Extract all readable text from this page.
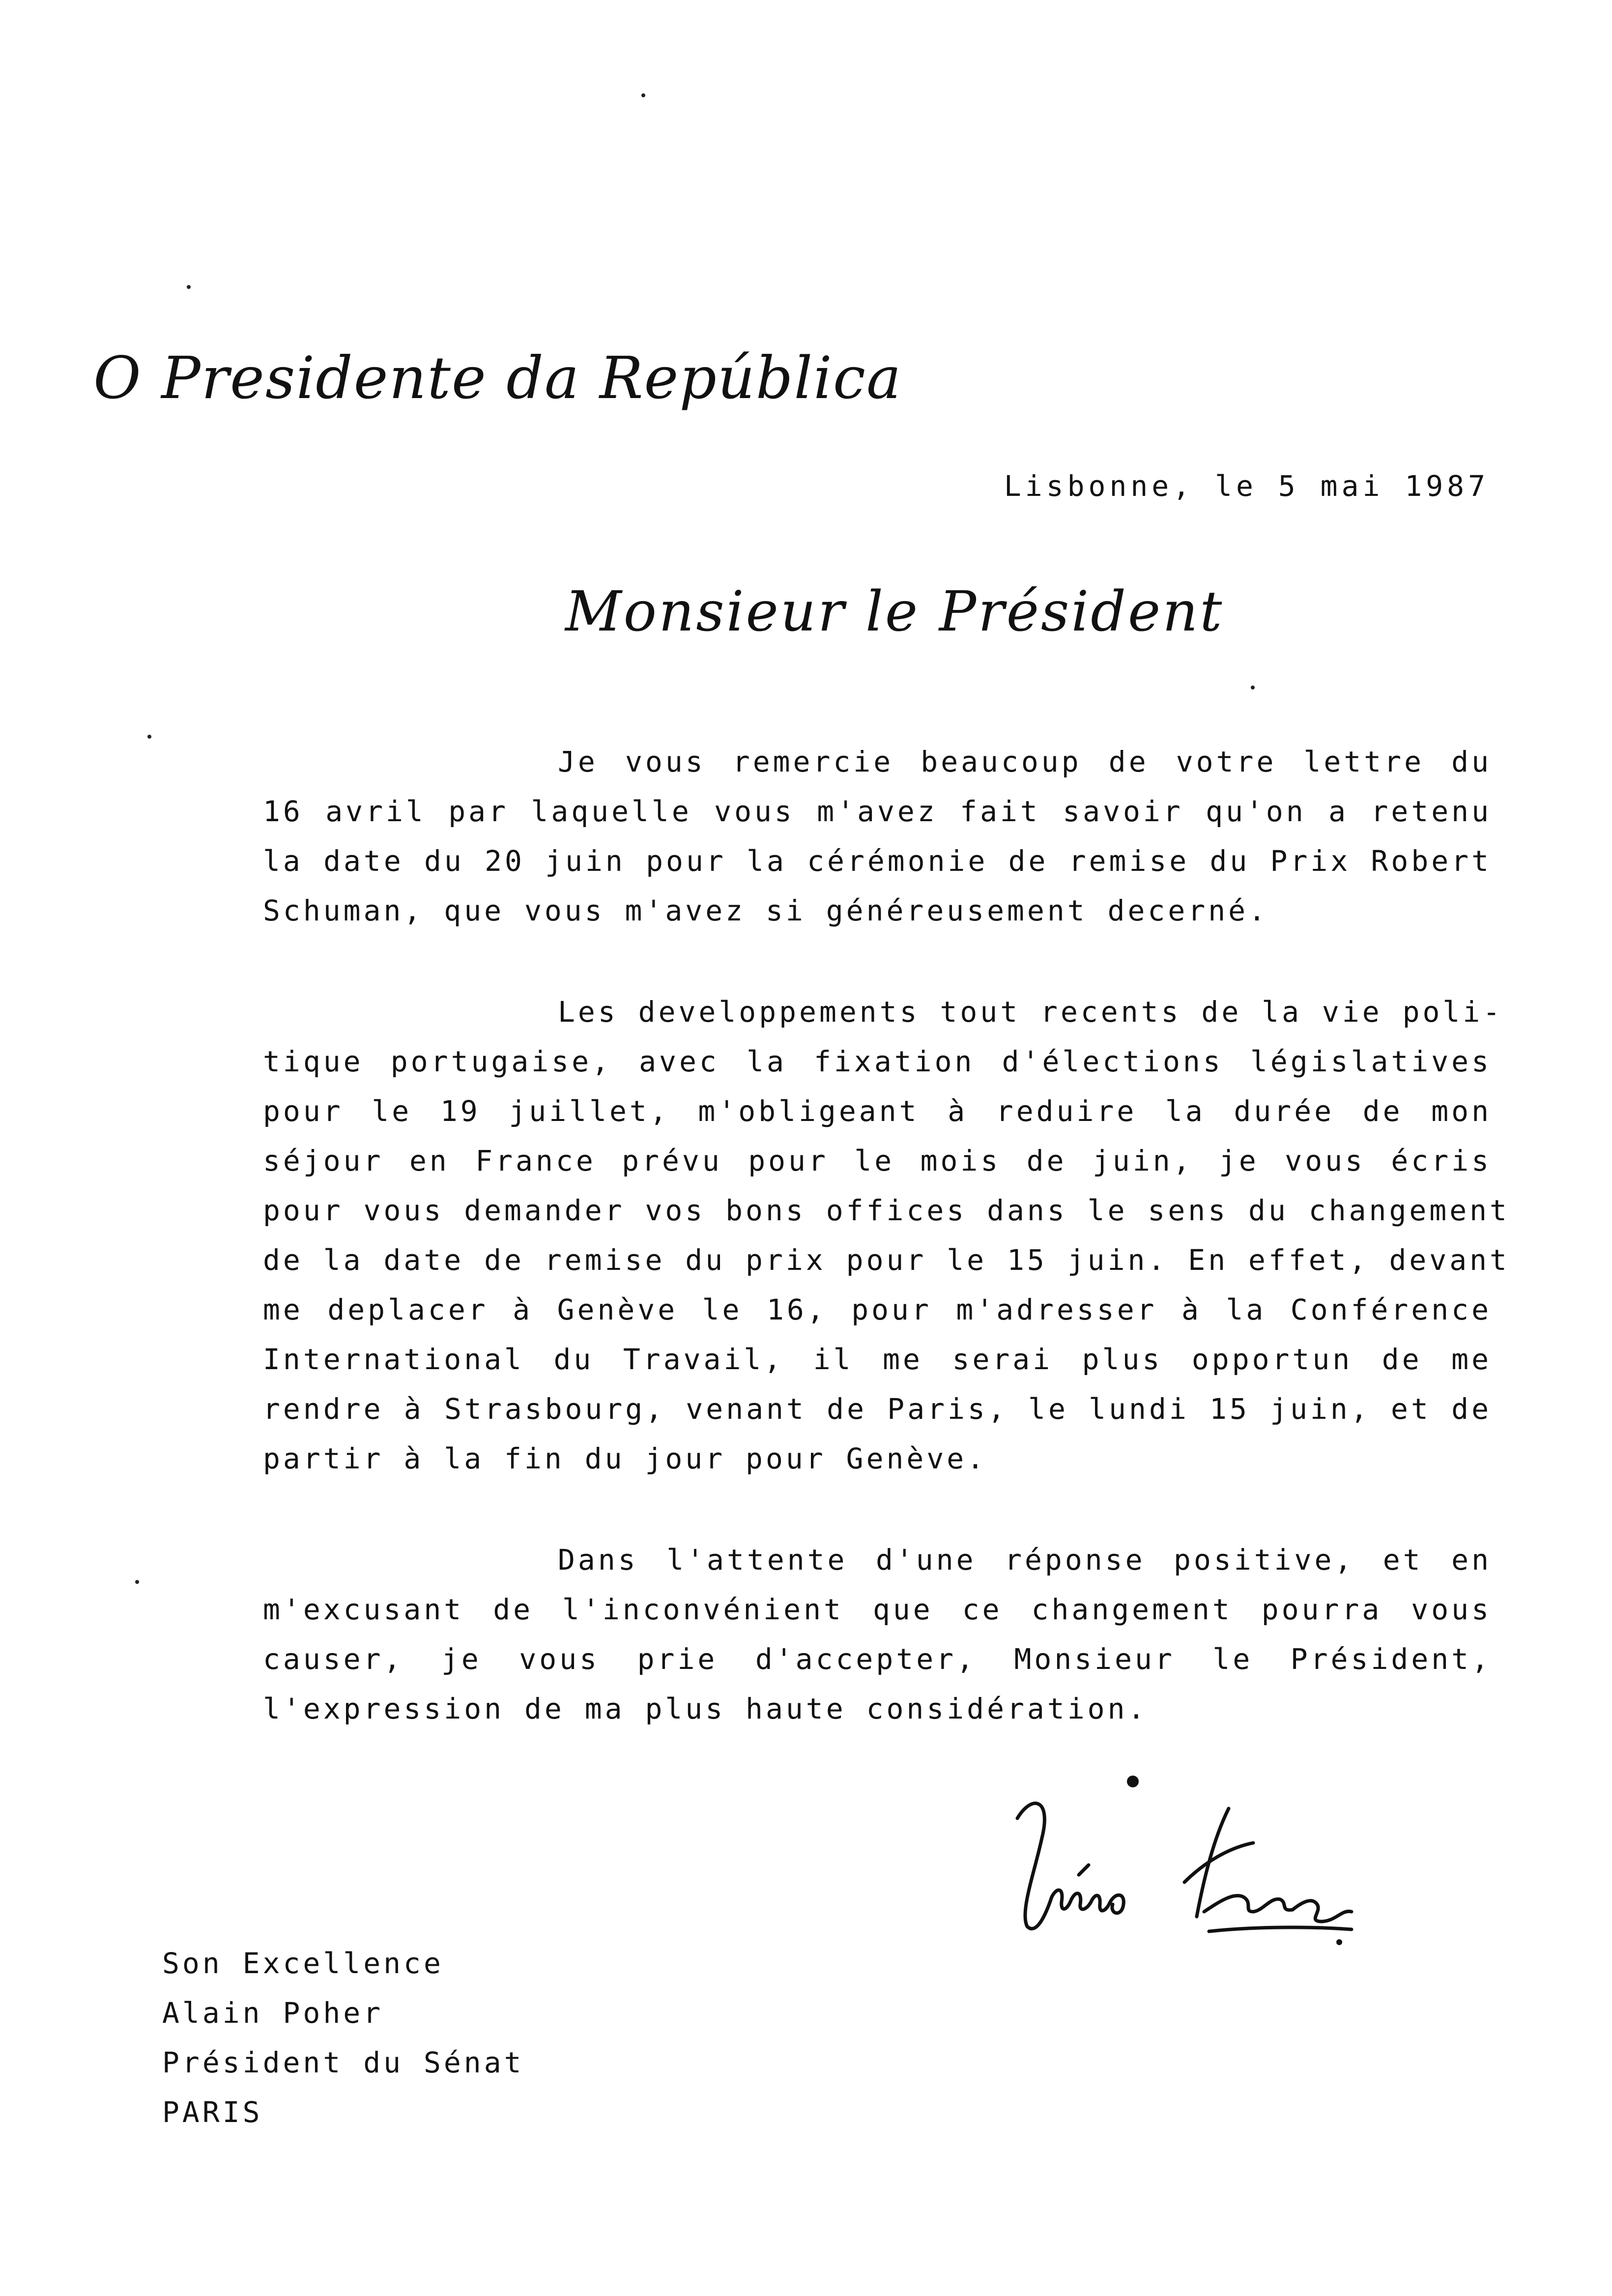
O Presidente da República
Lisbonne, le 5 mai 1987
Monsieur le Président
Je vous remercie beaucoup de votre lettre du
16 avril par laquelle vous m'avez fait savoir qu'on a retenu
la date du 20 juin pour la cérémonie de remise du Prix Robert
Schuman, que vous m'avez si généreusement decerné.
Les developpements tout recents de la vie poli-
tique portugaise, avec la fixation d'élections législatives
pour le 19 juillet, m'obligeant à reduire la durée de mon
séjour en France prévu pour le mois de juin, je vous écris
pour vous demander vos bons offices dans le sens du changement
de la date de remise du prix pour le 15 juin. En effet, devant
me deplacer à Genève le 16, pour m'adresser à la Conférence
International du Travail, il me serai plus opportun de me
rendre à Strasbourg, venant de Paris, le lundi 15 juin, et de
partir à la fin du jour pour Genève.
Dans l'attente d'une réponse positive, et en
m'excusant de l'inconvénient que ce changement pourra vous
causer, je vous prie d'accepter, Monsieur le Président,
l'expression de ma plus haute considération.
Son Excellence
Alain Poher
Président du Sénat
PARIS
